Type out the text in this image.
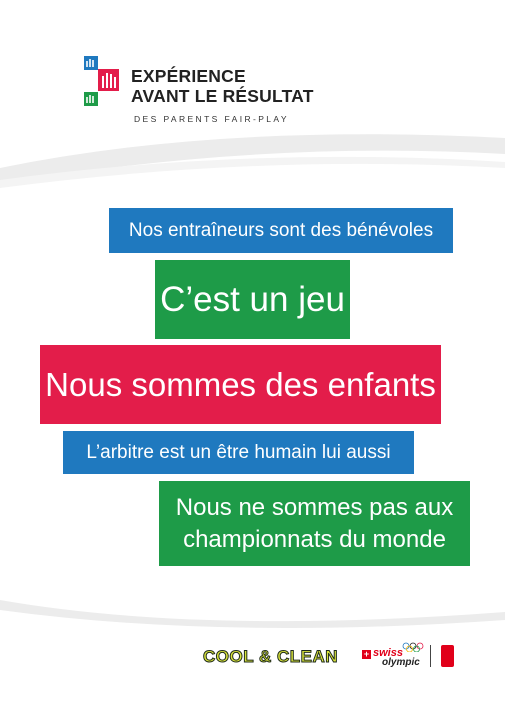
EXPÉRIENCE
AVANT LE RÉSULTAT
DES PARENTS FAIR-PLAY
Nos entraîneurs sont des bénévoles
C’est un jeu
Nous sommes des enfants
L’arbitre est un être humain lui aussi
Nous ne sommes pas aux
championnats du monde
COOL & CLEAN	+ swiss
olympic
